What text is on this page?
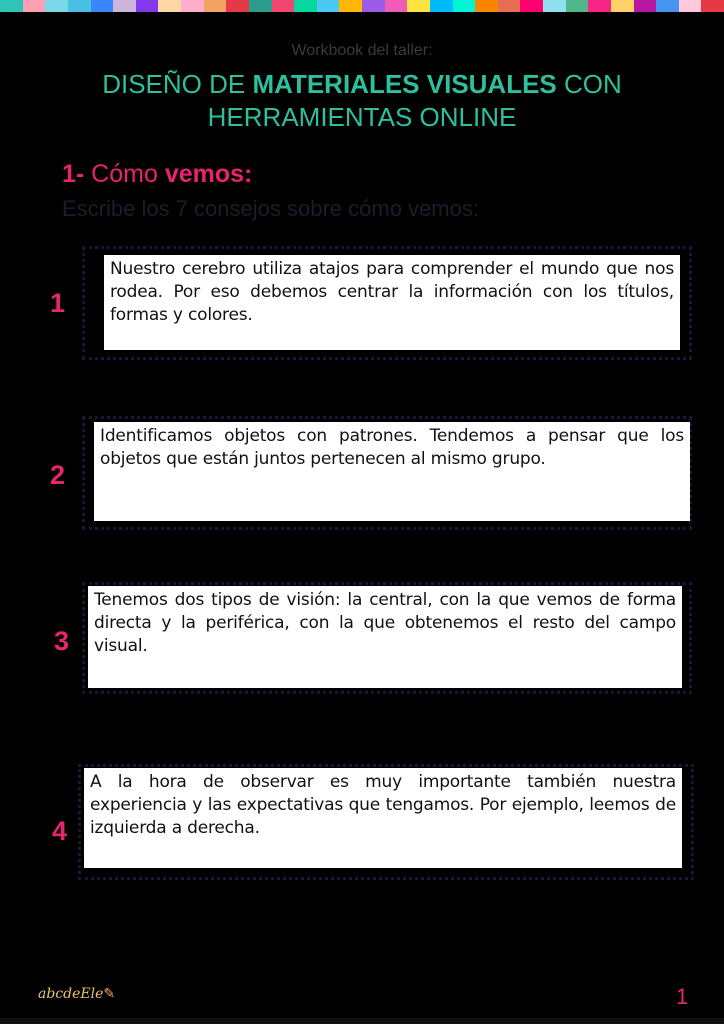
Workbook del taller:
DISEÑO DE MATERIALES VISUALES CON HERRAMIENTAS ONLINE
1- Cómo vemos:
Escribe los 7 consejos sobre cómo vemos:
1
Nuestro cerebro utiliza atajos para comprender el mundo que nos rodea. Por eso debemos centrar la información con los títulos, formas y colores.
2
Identificamos objetos con patrones. Tendemos a pensar que los objetos que están juntos pertenecen al mismo grupo.
3
Tenemos dos tipos de visión: la central, con la que vemos de forma directa y la periférica, con la que obtenemos el resto del campo visual.
4
A la hora de observar es muy importante también nuestra experiencia y las expectativas que tengamos. Por ejemplo, leemos de izquierda a derecha.
abcdeEle✎	1
